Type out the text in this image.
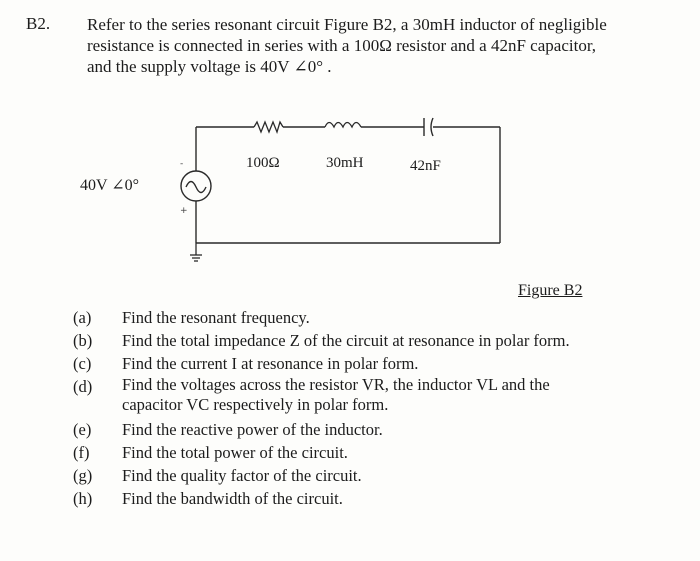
B2. Refer to the series resonant circuit Figure B2, a 30mH inductor of negligible
resistance is connected in series with a 100Ω resistor and a 42nF capacitor,
and the supply voltage is 40V ∠0° .
-
+
40V ∠0°
100Ω	30mH	42nF
Figure B2
(a)	Find the resonant frequency.
(b)	Find the total impedance Z of the circuit at resonance in polar form.
(c)	Find the current I at resonance in polar form.
(d)	Find the voltages across the resistor VR, the inductor VL and the
capacitor VC respectively in polar form.
(e)	Find the reactive power of the inductor.
(f)	Find the total power of the circuit.
(g)	Find the quality factor of the circuit.
(h)	Find the bandwidth of the circuit.
